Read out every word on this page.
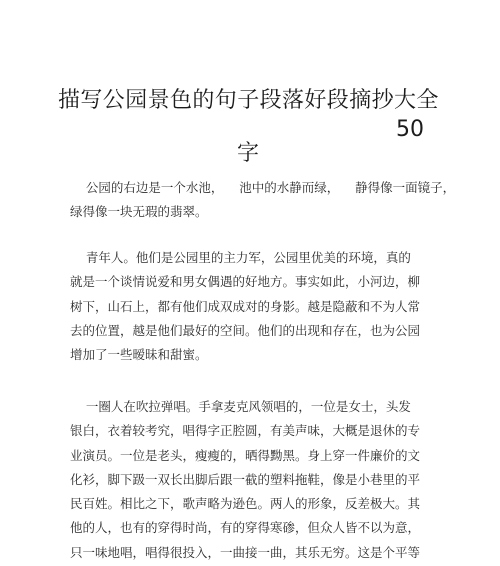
描写公园景色的句子段落好段摘抄大全
50
字
公园的右边是一个水池，    池中的水静而绿，    静得像一面镜子，
绿得像一块无瑕的翡翠。
青年人。他们是公园里的主力军，公园里优美的环境，真的
就是一个谈情说爱和男女偶遇的好地方。事实如此，小河边，柳
树下，山石上，都有他们成双成对的身影。越是隐蔽和不为人常
去的位置，越是他们最好的空间。他们的出现和存在，也为公园
增加了一些暧昧和甜蜜。
一圈人在吹拉弹唱。手拿麦克风领唱的，一位是女士，头发
银白，衣着较考究，唱得字正腔圆，有美声味，大概是退休的专
业演员。一位是老头，瘦瘦的，晒得黝黑。身上穿一件廉价的文
化衫，脚下趿一双长出脚后跟一截的塑料拖鞋，像是小巷里的平
民百姓。相比之下，歌声略为逊色。两人的形象，反差极大。其
他的人，也有的穿得时尚，有的穿得寒碜，但众人皆不以为意，
只一味地唱，唱得很投入，一曲接一曲，其乐无穷。这是个平等
